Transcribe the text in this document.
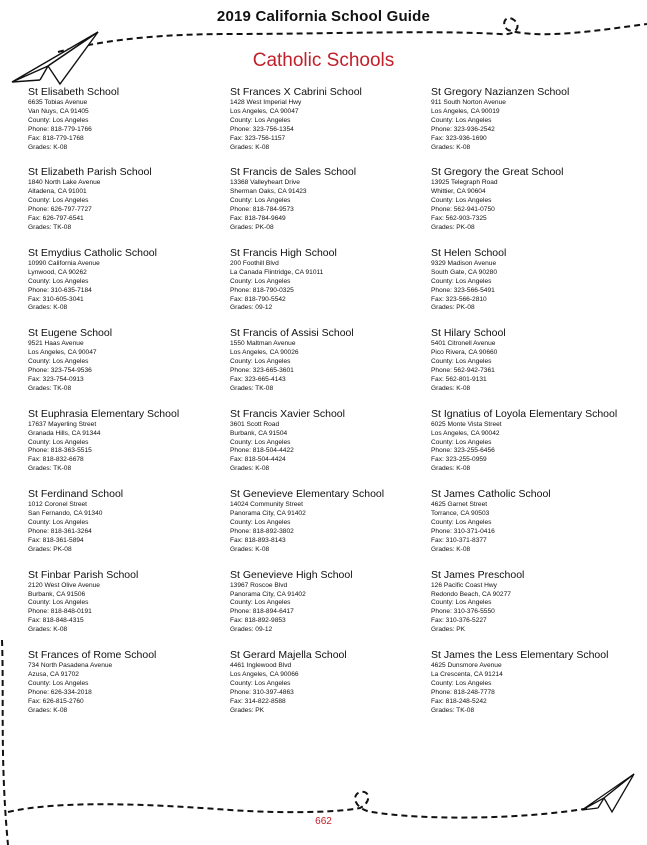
2019 California School Guide
Catholic Schools
St Elisabeth School
6635 Tobias Avenue
Van Nuys, CA 91405
County: Los Angeles
Phone: 818-779-1766
Fax: 818-779-1768
Grades: K-08
St Elizabeth Parish School
1840 North Lake Avenue
Altadena, CA 91001
County: Los Angeles
Phone: 626-797-7727
Fax: 626-797-6541
Grades: TK-08
St Emydius Catholic School
10990 California Avenue
Lynwood, CA 90262
County: Los Angeles
Phone: 310-635-7184
Fax: 310-605-3041
Grades: K-08
St Eugene School
9521 Haas Avenue
Los Angeles, CA 90047
County: Los Angeles
Phone: 323-754-9536
Fax: 323-754-0913
Grades: TK-08
St Euphrasia Elementary School
17637 Mayerling Street
Granada Hills, CA 91344
County: Los Angeles
Phone: 818-363-5515
Fax: 818-832-6678
Grades: TK-08
St Ferdinand School
1012 Coronel Street
San Fernando, CA 91340
County: Los Angeles
Phone: 818-361-3264
Fax: 818-361-5894
Grades: PK-08
St Finbar Parish School
2120 West Olive Avenue
Burbank, CA 91506
County: Los Angeles
Phone: 818-848-0191
Fax: 818-848-4315
Grades: K-08
St Frances of Rome School
734 North Pasadena Avenue
Azusa, CA 91702
County: Los Angeles
Phone: 626-334-2018
Fax: 626-815-2760
Grades: K-08
St Frances X Cabrini School
1428 West Imperial Hwy
Los Angeles, CA 90047
County: Los Angeles
Phone: 323-756-1354
Fax: 323-756-1157
Grades: K-08
St Francis de Sales School
13368 Valleyheart Drive
Sherman Oaks, CA 91423
County: Los Angeles
Phone: 818-784-9573
Fax: 818-784-9649
Grades: PK-08
St Francis High School
200 Foothill Blvd
La Canada Flintridge, CA 91011
County: Los Angeles
Phone: 818-790-0325
Fax: 818-790-5542
Grades: 09-12
St Francis of Assisi School
1550 Maltman Avenue
Los Angeles, CA 90026
County: Los Angeles
Phone: 323-665-3601
Fax: 323-665-4143
Grades: TK-08
St Francis Xavier School
3601 Scott Road
Burbank, CA 91504
County: Los Angeles
Phone: 818-504-4422
Fax: 818-504-4424
Grades: K-08
St Genevieve Elementary School
14024 Community Street
Panorama City, CA 91402
County: Los Angeles
Phone: 818-892-3802
Fax: 818-893-8143
Grades: K-08
St Genevieve High School
13967 Roscoe Blvd
Panorama City, CA 91402
County: Los Angeles
Phone: 818-894-6417
Fax: 818-892-9853
Grades: 09-12
St Gerard Majella School
4461 Inglewood Blvd
Los Angeles, CA 90066
County: Los Angeles
Phone: 310-397-4863
Fax: 314-822-8588
Grades: PK
St Gregory Nazianzen School
911 South Norton Avenue
Los Angeles, CA 90019
County: Los Angeles
Phone: 323-936-2542
Fax: 323-936-1690
Grades: K-08
St Gregory the Great School
13925 Telegraph Road
Whittier, CA 90604
County: Los Angeles
Phone: 562-941-0750
Fax: 562-903-7325
Grades: PK-08
St Helen School
9329 Madison Avenue
South Gate, CA 90280
County: Los Angeles
Phone: 323-566-5491
Fax: 323-566-2810
Grades: PK-08
St Hilary School
5401 Citronell Avenue
Pico Rivera, CA 90660
County: Los Angeles
Phone: 562-942-7361
Fax: 562-801-9131
Grades: K-08
St Ignatius of Loyola Elementary School
6025 Monte Vista Street
Los Angeles, CA 90042
County: Los Angeles
Phone: 323-255-6456
Fax: 323-255-0959
Grades: K-08
St James Catholic School
4625 Garnet Street
Torrance, CA 90503
County: Los Angeles
Phone: 310-371-0416
Fax: 310-371-8377
Grades: K-08
St James Preschool
126 Pacific Coast Hwy
Redondo Beach, CA 90277
County: Los Angeles
Phone: 310-376-5550
Fax: 310-376-5227
Grades: PK
St James the Less Elementary School
4625 Dunsmore Avenue
La Crescenta, CA 91214
County: Los Angeles
Phone: 818-248-7778
Fax: 818-248-5242
Grades: TK-08
662
